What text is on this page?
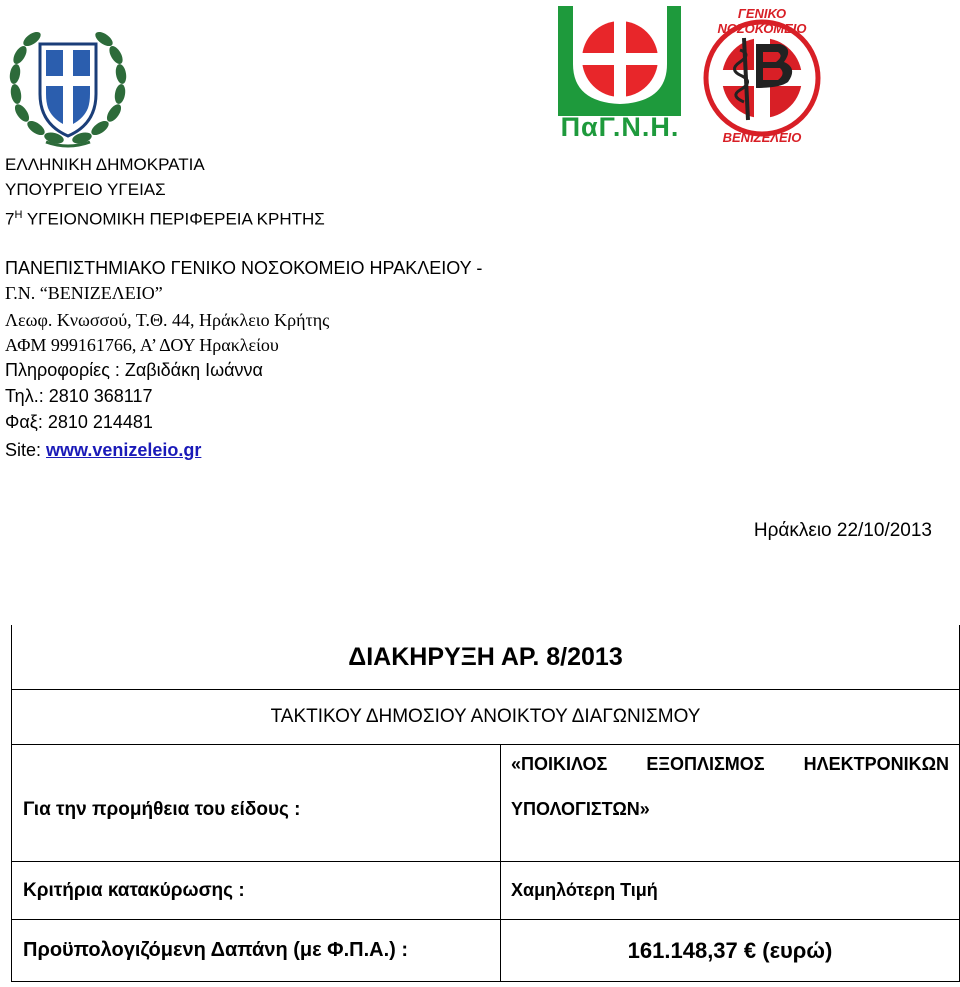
ΠαΓ.Ν.Η.
ΓΕΝΙΚΟ ΝΟΣΟΚΟΜΕΙΟ
ΒΕΝΙΖΕΛΕΙΟ
ΕΛΛΗΝΙΚΗ ΔΗΜΟΚΡΑΤΙΑ
ΥΠΟΥΡΓΕΙΟ ΥΓΕΙΑΣ
$7^H$ ΥΓΕΙΟΝΟΜΙΚΗ ΠΕΡΙΦΕΡΕΙΑ ΚΡΗΤΗΣ
ΠΑΝΕΠΙΣΤΗΜΙΑΚΟ ΓΕΝΙΚΟ ΝΟΣΟΚΟΜΕΙΟ ΗΡΑΚΛΕΙΟΥ -
Γ.Ν. “ΒΕΝΙΖΕΛΕΙΟ”
Λεωφ. Κνωσσού, Τ.Θ. 44, Ηράκλειο Κρήτης
ΑΦΜ 999161766, Α’ ΔΟΥ Ηρακλείου
Πληροφορίες : Ζαβιδάκη Ιωάννα
Τηλ.: 2810 368117
Φαξ: 2810 214481
Site: www.venizeleio.gr
Ηράκλειο 22/10/2013
ΔΙΑΚΗΡΥΞΗ ΑΡ. 8/2013	
ΤΑΚΤΙΚΟΥ ΔΗΜΟΣΙΟΥ ΑΝΟΙΚΤΟΥ ΔΙΑΓΩΝΙΣΜΟΥ	
Για την προμήθεια του είδους :	«ΠΟΙΚΙΛΟΣ ΕΞΟΠΛΙΣΜΟΣ ΗΛΕΚΤΡΟΝΙΚΩΝ
ΥΠΟΛΟΓΙΣΤΩΝ»

Κριτήρια κατακύρωσης :	Χαμηλότερη Τιμή
Προϋπολογιζόμενη Δαπάνη (με Φ.Π.Α.) :	161.148,37 € (ευρώ)
